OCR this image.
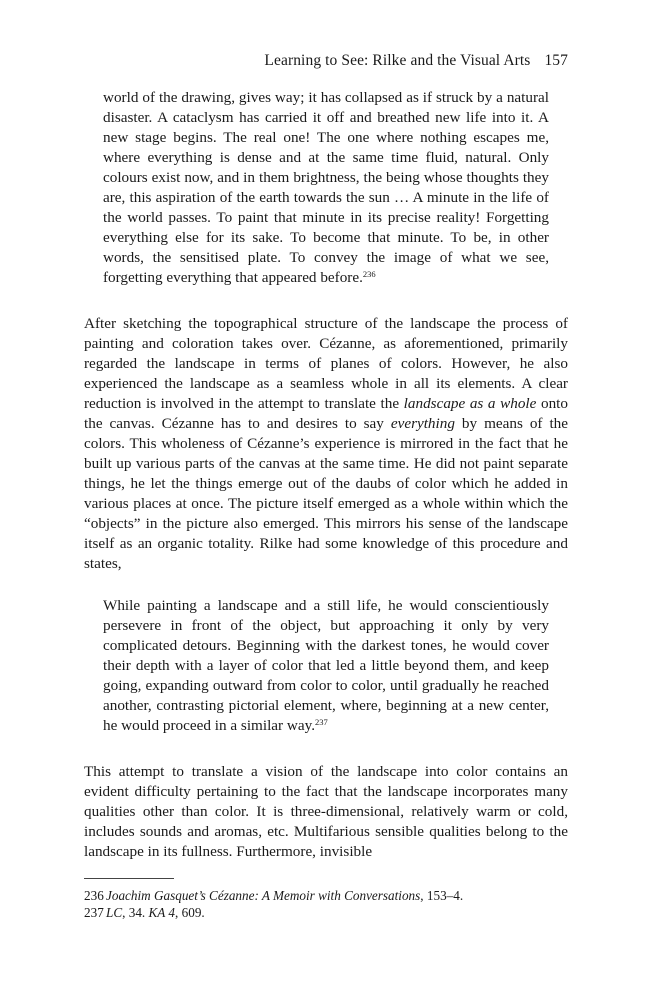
Learning to See: Rilke and the Visual Arts 157

world of the drawing, gives way; it has collapsed as if struck by a natural disaster. A cataclysm has carried it off and breathed new life into it. A new stage begins. The real one! The one where nothing escapes me, where everything is dense and at the same time fluid, natural. Only colours exist now, and in them brightness, the being whose thoughts they are, this aspiration of the earth towards the sun … A minute in the life of the world passes. To paint that minute in its precise reality! Forgetting everything else for its sake. To become that minute. To be, in other words, the sensitised plate. To convey the image of what we see, forgetting everything that appeared before.$^{236}$

After sketching the topographical structure of the landscape the process of painting and coloration takes over. Cézanne, as aforementioned, primarily regarded the landscape in terms of planes of colors. However, he also experienced the landscape as a seamless whole in all its elements. A clear reduction is involved in the attempt to translate the landscape as a whole onto the canvas. Cézanne has to and desires to say everything by means of the colors. This wholeness of Cézanne’s experience is mirrored in the fact that he built up various parts of the canvas at the same time. He did not paint separate things, he let the things emerge out of the daubs of color which he added in various places at once. The picture itself emerged as a whole within which the “objects” in the picture also emerged. This mirrors his sense of the landscape itself as an organic totality. Rilke had some knowledge of this procedure and states,

While painting a landscape and a still life, he would conscientiously persevere in front of the object, but approaching it only by very complicated detours. Beginning with the darkest tones, he would cover their depth with a layer of color that led a little beyond them, and keep going, expanding outward from color to color, until gradually he reached another, contrasting pictorial element, where, beginning at a new center, he would proceed in a similar way.$^{237}$

This attempt to translate a vision of the landscape into color contains an evident difficulty pertaining to the fact that the landscape incorporates many qualities other than color. It is three-dimensional, relatively warm or cold, includes sounds and aromas, etc. Multifarious sensible qualities belong to the landscape in its fullness. Furthermore, invisible

236 Joachim Gasquet’s Cézanne: A Memoir with Conversations, 153–4.
237 LC, 34. KA 4, 609.
